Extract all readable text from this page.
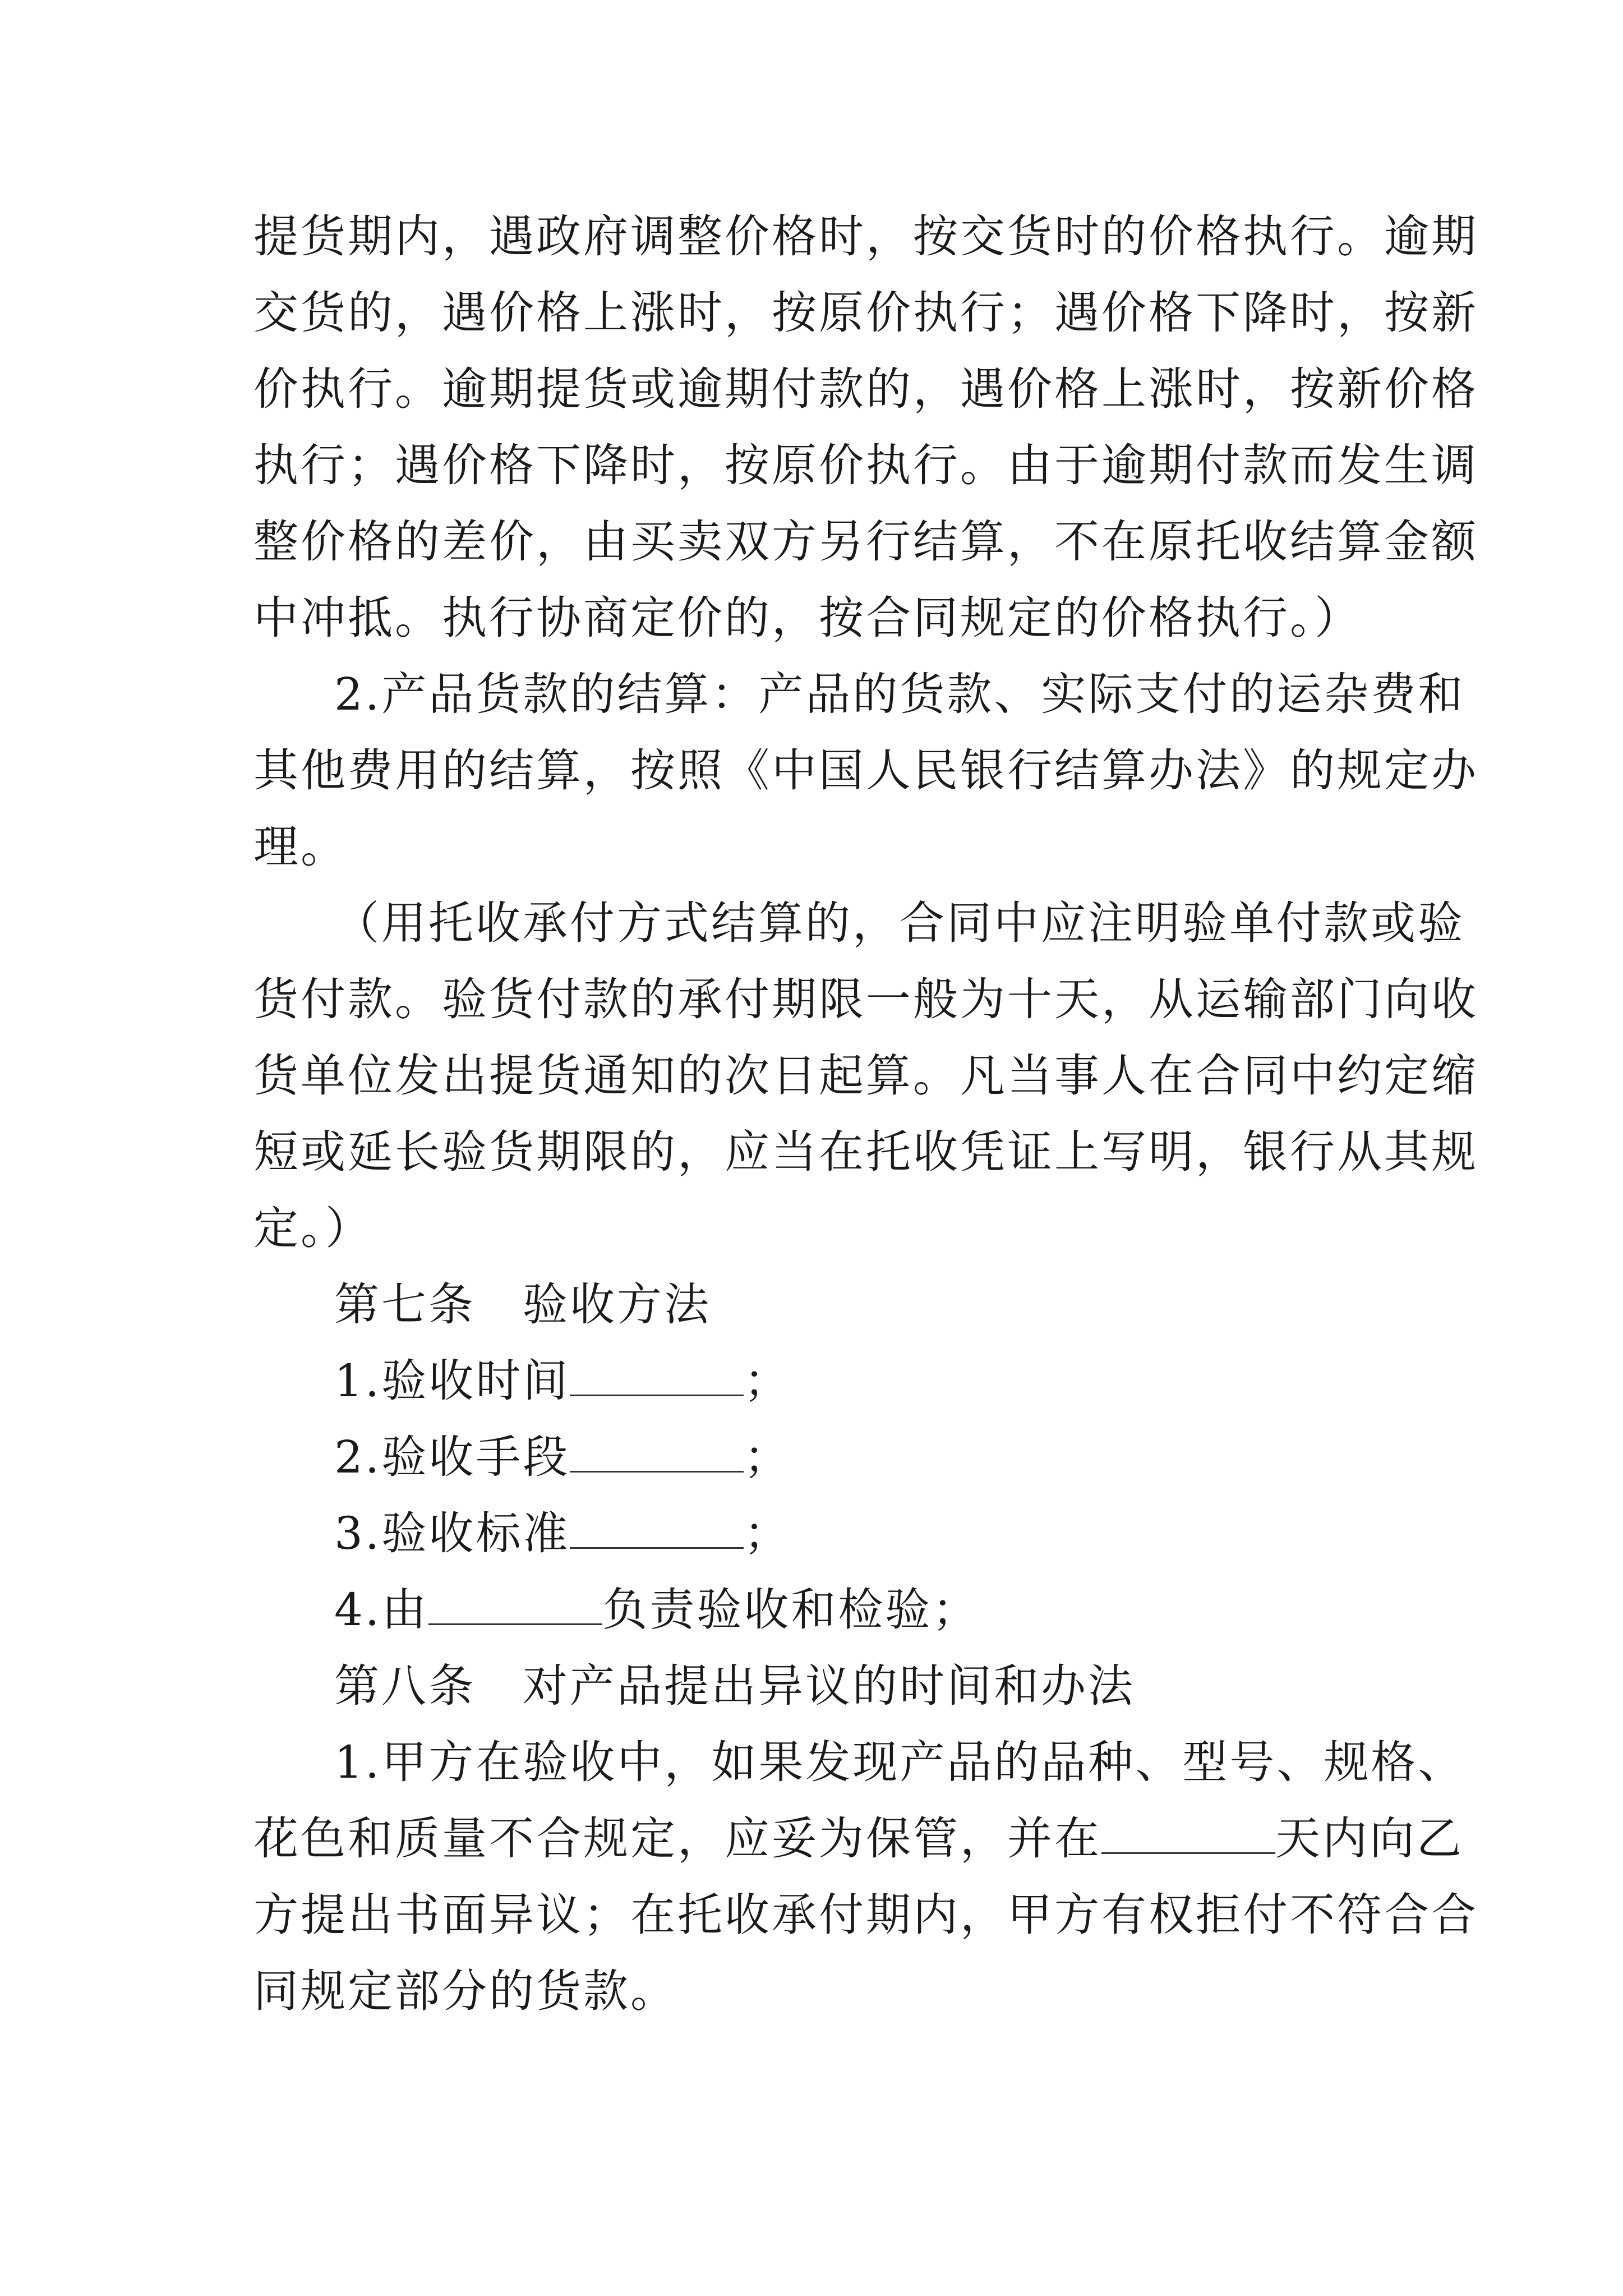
提货期内，遇政府调整价格时，按交货时的价格执行。逾期
交货的，遇价格上涨时，按原价执行；遇价格下降时，按新
价执行。逾期提货或逾期付款的，遇价格上涨时，按新价格
执行；遇价格下降时，按原价执行。由于逾期付款而发生调
整价格的差价，由买卖双方另行结算，不在原托收结算金额
中冲抵。执行协商定价的，按合同规定的价格执行。）
2.产品货款的结算：产品的货款、实际支付的运杂费和
其他费用的结算，按照《中国人民银行结算办法》的规定办
理。
（用托收承付方式结算的，合同中应注明验单付款或验
货付款。验货付款的承付期限一般为十天，从运输部门向收
货单位发出提货通知的次日起算。凡当事人在合同中约定缩
短或延长验货期限的，应当在托收凭证上写明，银行从其规
定。）
第七条　验收方法
1.验收时间	；
2.验收手段	；
3.验收标准	；
4.由	负责验收和检验；
第八条　对产品提出异议的时间和办法
1.甲方在验收中，如果发现产品的品种、型号、规格、
花色和质量不合规定，应妥为保管，并在	天内向乙
方提出书面异议；在托收承付期内，甲方有权拒付不符合合
同规定部分的货款。
